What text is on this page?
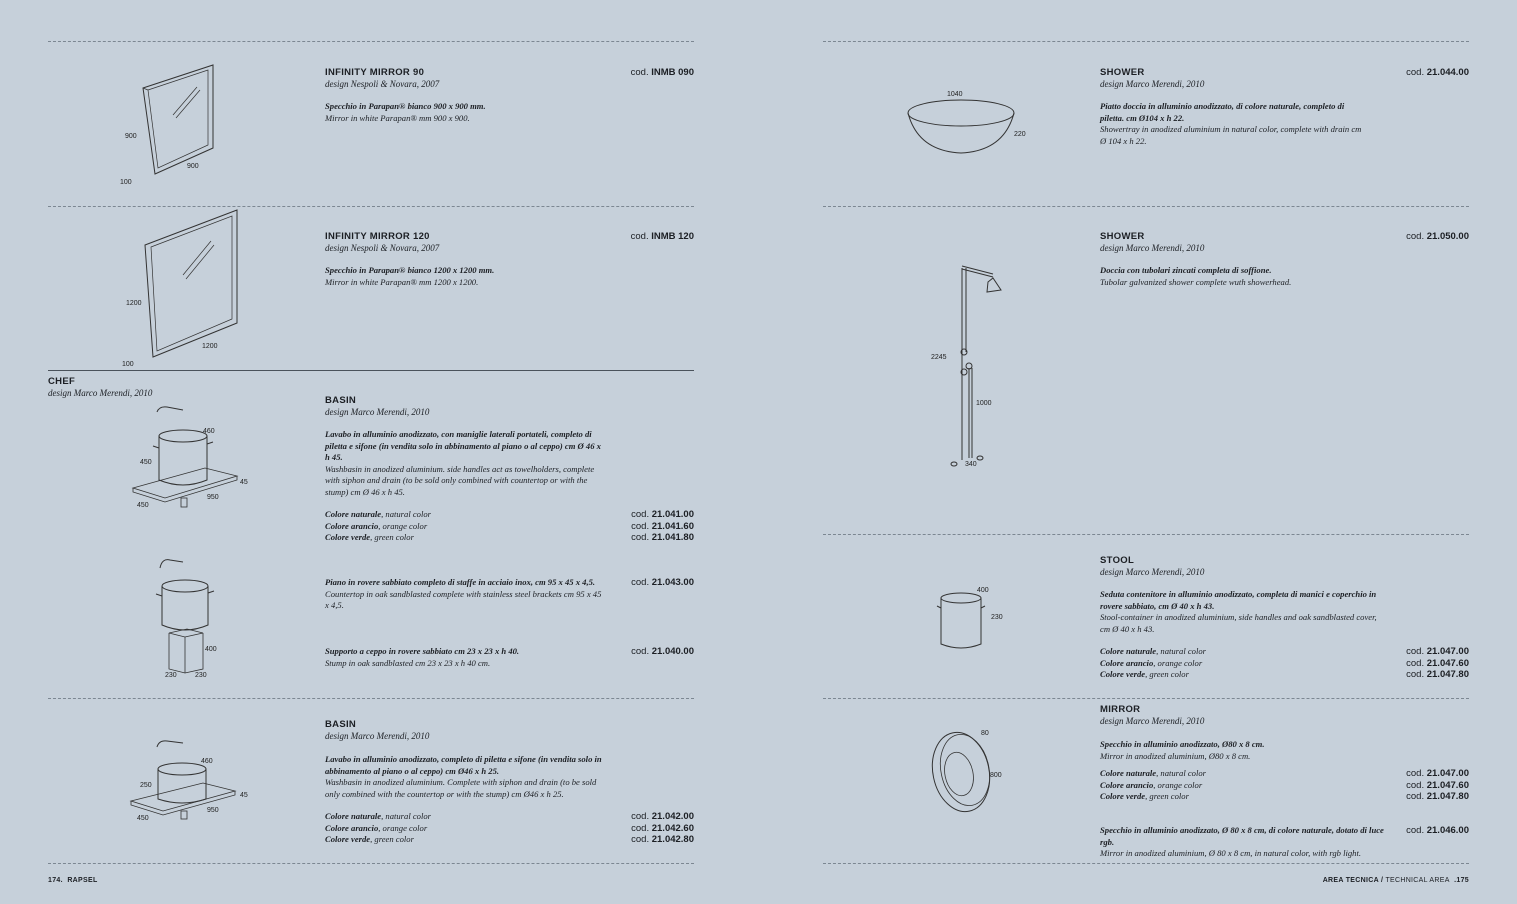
900
900
100
INFINITY MIRROR 90
design Nespoli & Novara, 2007
cod. INMB 090
Specchio in Parapan® bianco 900 x 900 mm.
Mirror in white Parapan® mm 900 x 900.
1200
1200
100
INFINITY MIRROR 120
design Nespoli & Novara, 2007
cod. INMB 120
Specchio in Parapan® bianco 1200 x 1200 mm.
Mirror in white Parapan® mm 1200 x 1200.
CHEF
design Marco Merendi, 2010
460
450
45
450
950
BASIN
design Marco Merendi, 2010
Lavabo in alluminio anodizzato, con maniglie laterali portateli, completo di piletta e sifone (in vendita solo in abbinamento al piano o al ceppo) cm Ø 46 x h 45.
Washbasin in anodized aluminium. side handles act as towelholders, complete with siphon and drain (to be sold only combined with countertop or with the stump) cm Ø 46 x h 45.
Colore naturale, natural color
Colore arancio, orange color
Colore verde, green color
cod. 21.041.00
cod. 21.041.60
cod. 21.041.80
400
230	230
Piano in rovere sabbiato completo di staffe in acciaio inox, cm 95 x 45 x 4,5.
Countertop in oak sandblasted complete with stainless steel brackets cm 95 x 45 x 4,5.
cod. 21.043.00
Supporto a ceppo in rovere sabbiato cm 23 x 23 x h 40.
Stump in oak sandblasted cm 23 x 23 x h 40 cm.
cod. 21.040.00
460
250
45
450
950
BASIN
design Marco Merendi, 2010
Lavabo in alluminio anodizzato, completo di piletta e sifone (in vendita solo in abbinamento al piano o al ceppo) cm Ø46 x h 25.
Washbasin in anodized aluminium. Complete with siphon and drain (to be sold only combined with the countertop or with the stump) cm Ø46 x h 25.
Colore naturale, natural color
Colore arancio, orange color
Colore verde, green color
cod. 21.042.00
cod. 21.042.60
cod. 21.042.80
174. RAPSEL
1040
220
SHOWER
design Marco Merendi, 2010
cod. 21.044.00
Piatto doccia in alluminio anodizzato, di colore naturale, completo di piletta. cm Ø104 x h 22.
Showertray in anodized aluminium in natural color, complete with drain cm Ø 104 x h 22.
2245
1000
340
SHOWER
design Marco Merendi, 2010
cod. 21.050.00
Doccia con tubolari zincati completa di soffione.
Tubolar galvanized shower complete wuth showerhead.
400
230
STOOL
design Marco Merendi, 2010
Seduta contenitore in alluminio anodizzato, completa di manici e coperchio in rovere sabbiato, cm Ø 40 x h 43.
Stool-container in anodized aluminium, side handles and oak sandblasted cover, cm Ø 40 x h 43.
Colore naturale, natural color
Colore arancio, orange color
Colore verde, green color
cod. 21.047.00
cod. 21.047.60
cod. 21.047.80
80
800
MIRROR
design Marco Merendi, 2010
Specchio in alluminio anodizzato, Ø80 x 8 cm.
Mirror in anodized aluminium, Ø80 x 8 cm.
Colore naturale, natural color
Colore arancio, orange color
Colore verde, green color
cod. 21.047.00
cod. 21.047.60
cod. 21.047.80
Specchio in alluminio anodizzato, Ø 80 x 8 cm, di colore naturale, dotato di luce rgb.
Mirror in anodized aluminium, Ø 80 x 8 cm, in natural color, with rgb light.
cod. 21.046.00
AREA TECNICA / TECHNICAL AREA .175
